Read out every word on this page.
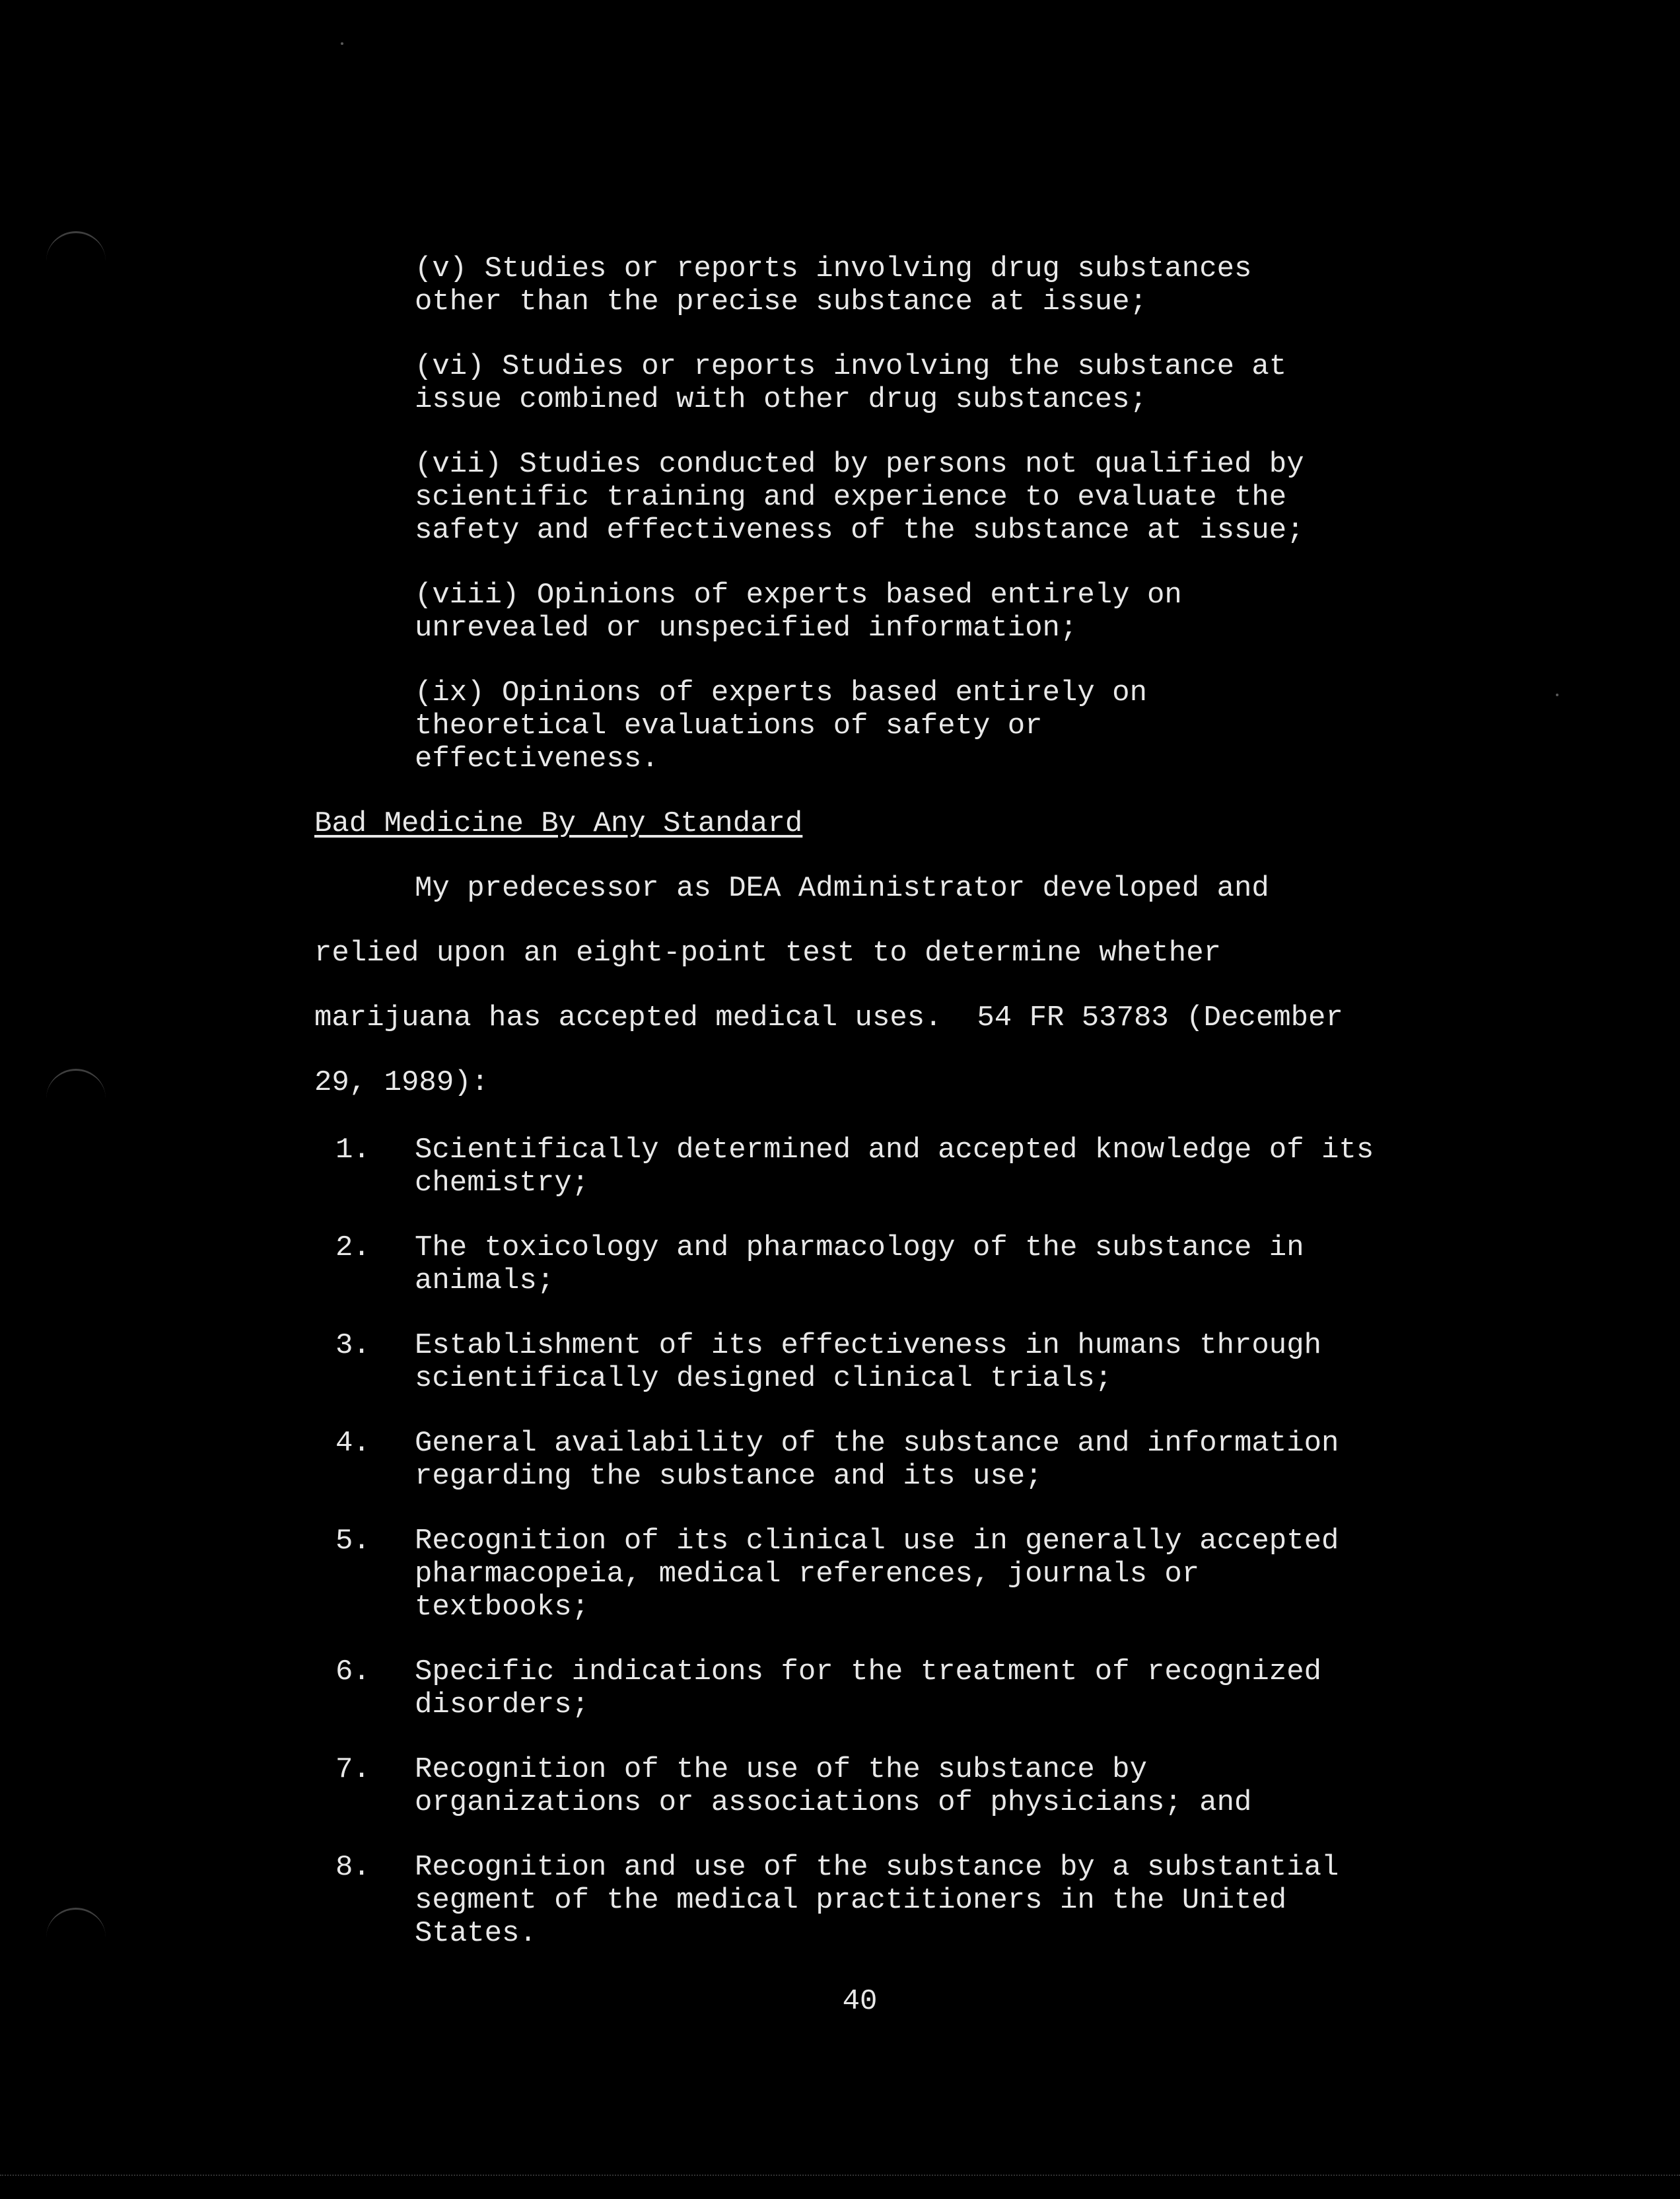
(v) Studies or reports involving drug substances
other than the precise substance at issue;

(vi) Studies or reports involving the substance at
issue combined with other drug substances;

(vii) Studies conducted by persons not qualified by
scientific training and experience to evaluate the
safety and effectiveness of the substance at issue;

(viii) Opinions of experts based entirely on
unrevealed or unspecified information;

(ix) Opinions of experts based entirely on
theoretical evaluations of safety or
effectiveness.

Bad Medicine By Any Standard

My predecessor as DEA Administrator developed and

relied upon an eight-point test to determine whether

marijuana has accepted medical uses.  54 FR 53783 (December

29, 1989):

1. Scientifically determined and accepted knowledge of its
chemistry;

2. The toxicology and pharmacology of the substance in
animals;

3. Establishment of its effectiveness in humans through
scientifically designed clinical trials;

4. General availability of the substance and information
regarding the substance and its use;

5. Recognition of its clinical use in generally accepted
pharmacopeia, medical references, journals or
textbooks;

6. Specific indications for the treatment of recognized
disorders;

7. Recognition of the use of the substance by
organizations or associations of physicians; and

8. Recognition and use of the substance by a substantial
segment of the medical practitioners in the United
States.

40
